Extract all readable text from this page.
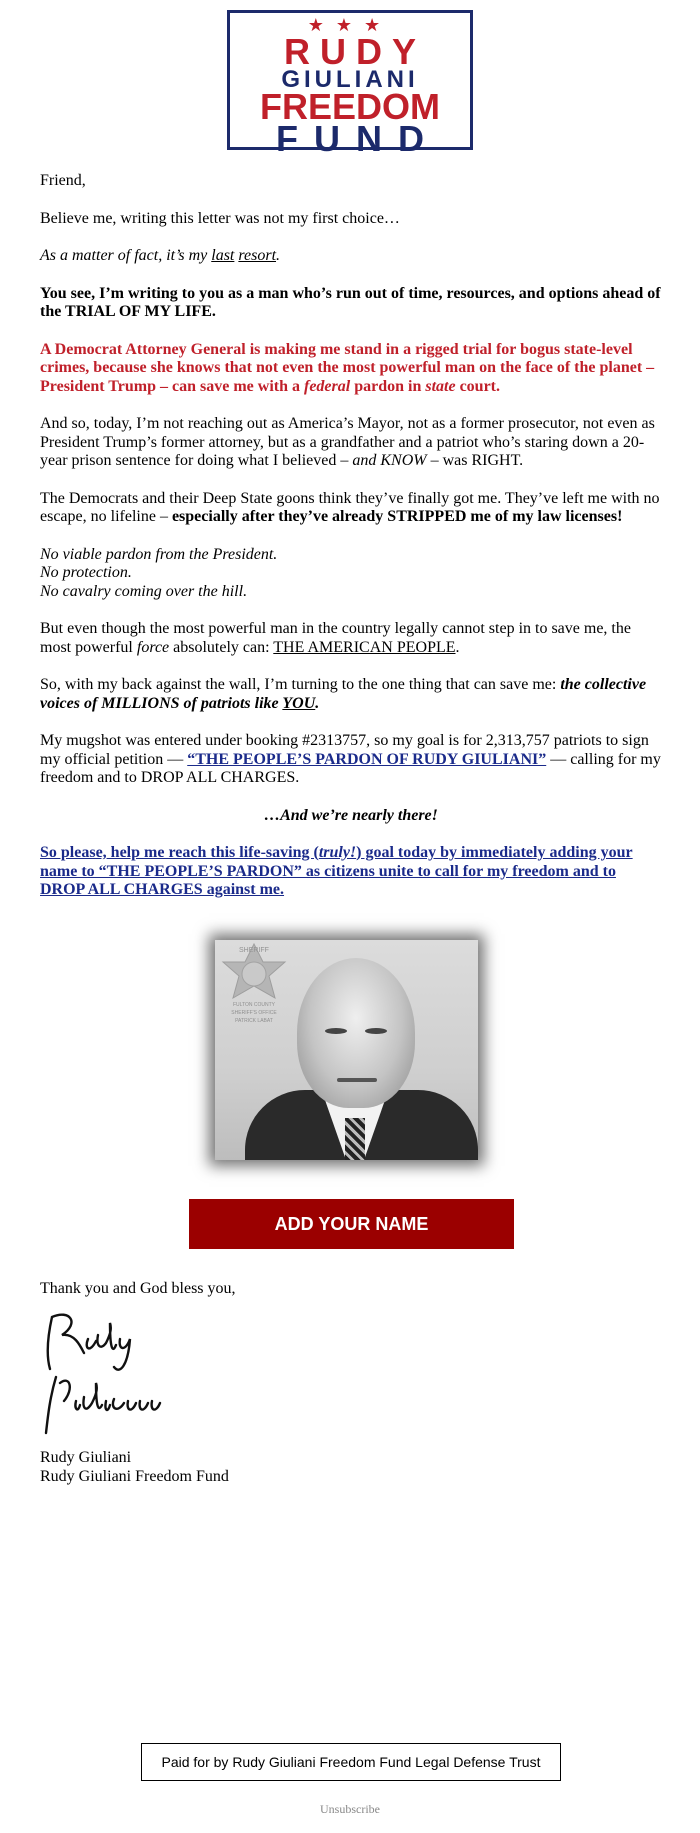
★★★
RUDY
GIULIANI
FREEDOM
FUND

Friend,

Believe me, writing this letter was not my first choice…

As a matter of fact, it’s my last resort.

You see, I’m writing to you as a man who’s run out of time, resources, and options ahead of the TRIAL OF MY LIFE.

A Democrat Attorney General is making me stand in a rigged trial for bogus state-level crimes, because she knows that not even the most powerful man on the face of the planet – President Trump – can save me with a federal pardon in state court.

And so, today, I’m not reaching out as America’s Mayor, not as a former prosecutor, not even as President Trump’s former attorney, but as a grandfather and a patriot who’s staring down a 20-year prison sentence for doing what I believed – and KNOW – was RIGHT.

The Democrats and their Deep State goons think they’ve finally got me. They’ve left me with no escape, no lifeline – especially after they’ve already STRIPPED me of my law licenses!

No viable pardon from the President.
No protection.
No cavalry coming over the hill.

But even though the most powerful man in the country legally cannot step in to save me, the most powerful force absolutely can: THE AMERICAN PEOPLE.

So, with my back against the wall, I’m turning to the one thing that can save me: the collective voices of MILLIONS of patriots like YOU.

My mugshot was entered under booking #2313757, so my goal is for 2,313,757 patriots to sign my official petition — “THE PEOPLE’S PARDON OF RUDY GIULIANI” — calling for my freedom and to DROP ALL CHARGES.

…And we’re nearly there!

So please, help me reach this life-saving (truly!) goal today by immediately adding your name to “THE PEOPLE’S PARDON” as citizens unite to call for my freedom and to DROP ALL CHARGES against me.

SHERIFF
FULTON COUNTY
SHERIFF'S OFFICE
PATRICK LABAT
ADD YOUR NAME
Thank you and God bless you,
Rudy Giuliani
Rudy Giuliani Freedom Fund
Paid for by Rudy Giuliani Freedom Fund Legal Defense Trust
Unsubscribe
